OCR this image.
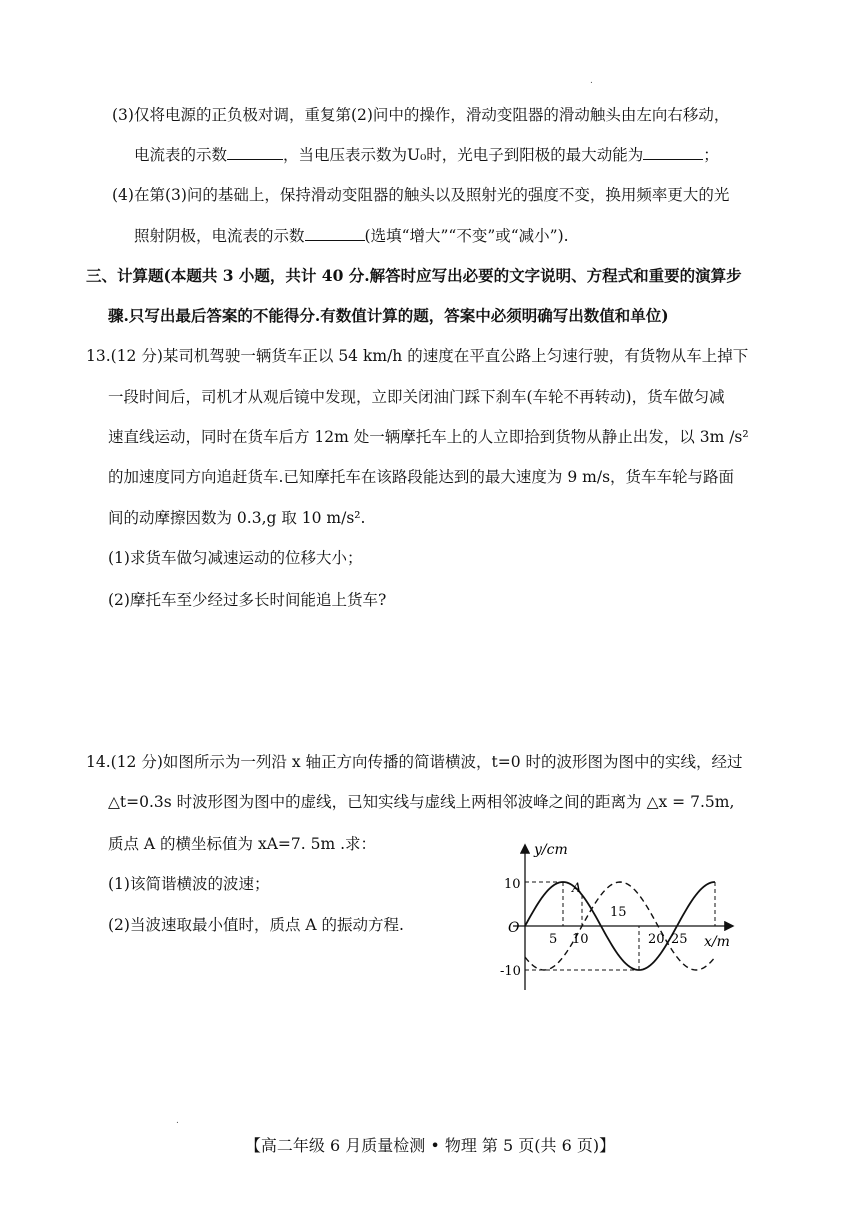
.
(3)仅将电源的正负极对调，重复第(2)问中的操作，滑动变阻器的滑动触头由左向右移动，
电流表的示数	，当电压表示数为U₀时，光电子到阳极的最大动能为	；
(4)在第(3)问的基础上，保持滑动变阻器的触头以及照射光的强度不变，换用频率更大的光
照射阴极，电流表的示数	(选填“增大”“不变”或“减小”).
三、计算题(本题共 3 小题，共计 40 分.解答时应写出必要的文字说明、方程式和重要的演算步
骤.只写出最后答案的不能得分.有数值计算的题，答案中必须明确写出数值和单位)
13.(12 分)某司机驾驶一辆货车正以 54 km/h 的速度在平直公路上匀速行驶，有货物从车上掉下
一段时间后，司机才从观后镜中发现，立即关闭油门踩下刹车(车轮不再转动)，货车做匀减
速直线运动，同时在货车后方 12m 处一辆摩托车上的人立即拾到货物从静止出发，以 3m /s²
的加速度同方向追赶货车.已知摩托车在该路段能达到的最大速度为 9 m/s，货车车轮与路面
间的动摩擦因数为 0.3,g 取 10 m/s².
(1)求货车做匀减速运动的位移大小；
(2)摩托车至少经过多长时间能追上货车?
14.(12 分)如图所示为一列沿 x 轴正方向传播的简谐横波，t=0 时的波形图为图中的实线，经过
△t=0.3s 时波形图为图中的虚线，已知实线与虚线上两相邻波峰之间的距离为 △x = 7.5m,
质点 A 的横坐标值为 xA=7. 5m .求：
(1)该简谐横波的波速；
(2)当波速取最小值时，质点 A 的振动方程.
y/cm
x/m
O
10
-10
5 10
15
20 25
A
.
【高二年级 6 月质量检测 • 物理 第 5 页(共 6 页)】
